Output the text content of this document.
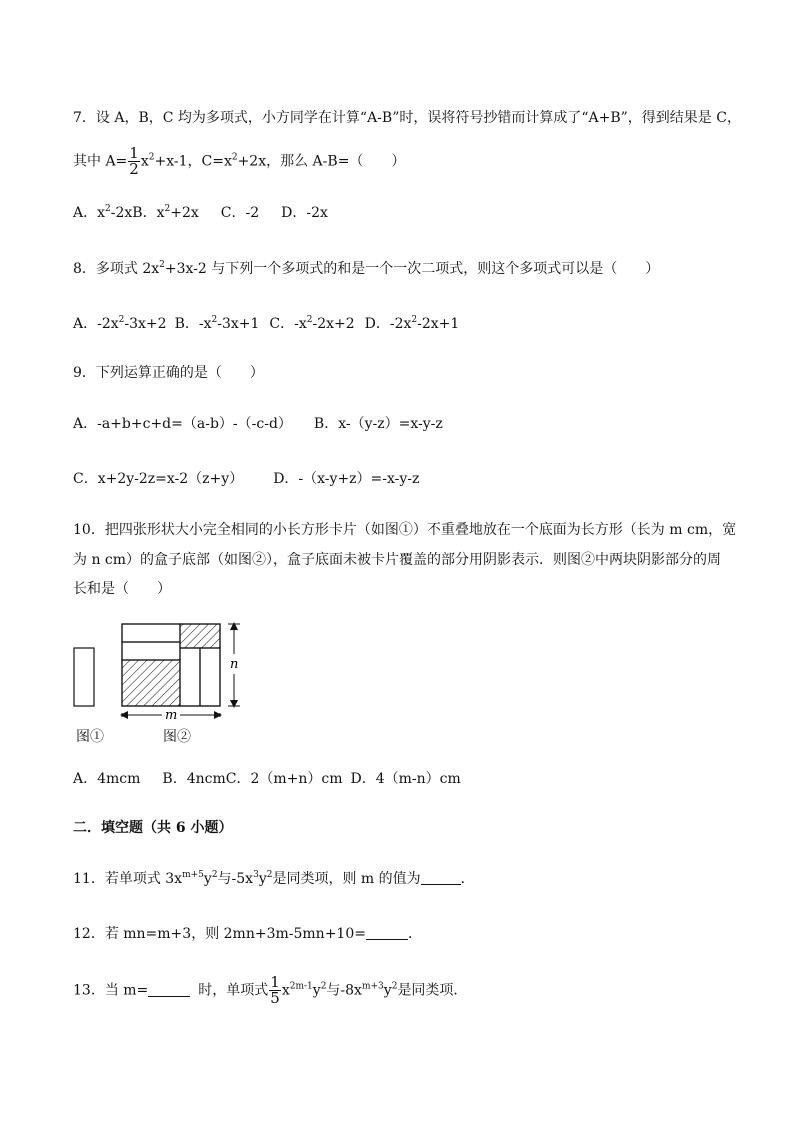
7．设 A，B，C 均为多项式，小方同学在计算“A-B”时，误将符号抄错而计算成了“A+B”，得到结果是 C，
其中 $A= \frac{1}{2} x^2+x-1$，$C=x^2+2x$，那么 A-B=（　　）
A．$x^2-2xB$．$x^2+2x$ C．-2 D．-2x
8．多项式 $2x^2+3x-2$ 与下列一个多项式的和是一个一次二项式，则这个多项式可以是（　　）
A．$-2x^2-3x+2$ B．$-x^2-3x+1$ C．$-x^2-2x+2$ D．$-2x^2-2x+1$
9．下列运算正确的是（　　）
A．-a+b+c+d=（a-b）-（-c-d） B．x-（y-z）=x-y-z
C．x+2y-2z=x-2（z+y） D．-（x-y+z）=-x-y-z
10．把四张形状大小完全相同的小长方形卡片（如图①）不重叠地放在一个底面为长方形（长为 m cm，宽
为 n cm）的盒子底部（如图②），盒子底面未被卡片覆盖的部分用阴影表示．则图②中两块阴影部分的周
长和是（　　）
n
m
图①	图②
A．4mcm B．4ncmC．2（m+n）cm D．4（m-n）cm
二．填空题（共 6 小题）
11．若单项式 $3x^{m+5}y^2$与$-5x^3y^2$是同类项，则 m 的值为	．
12．若 mn=m+3，则 2mn+3m-5mn+10=	．
13．当 m=	时，单项式 $\frac{1}{5} x^{2m-1}y^2$与$-8x^{m+3}y^2$是同类项．
